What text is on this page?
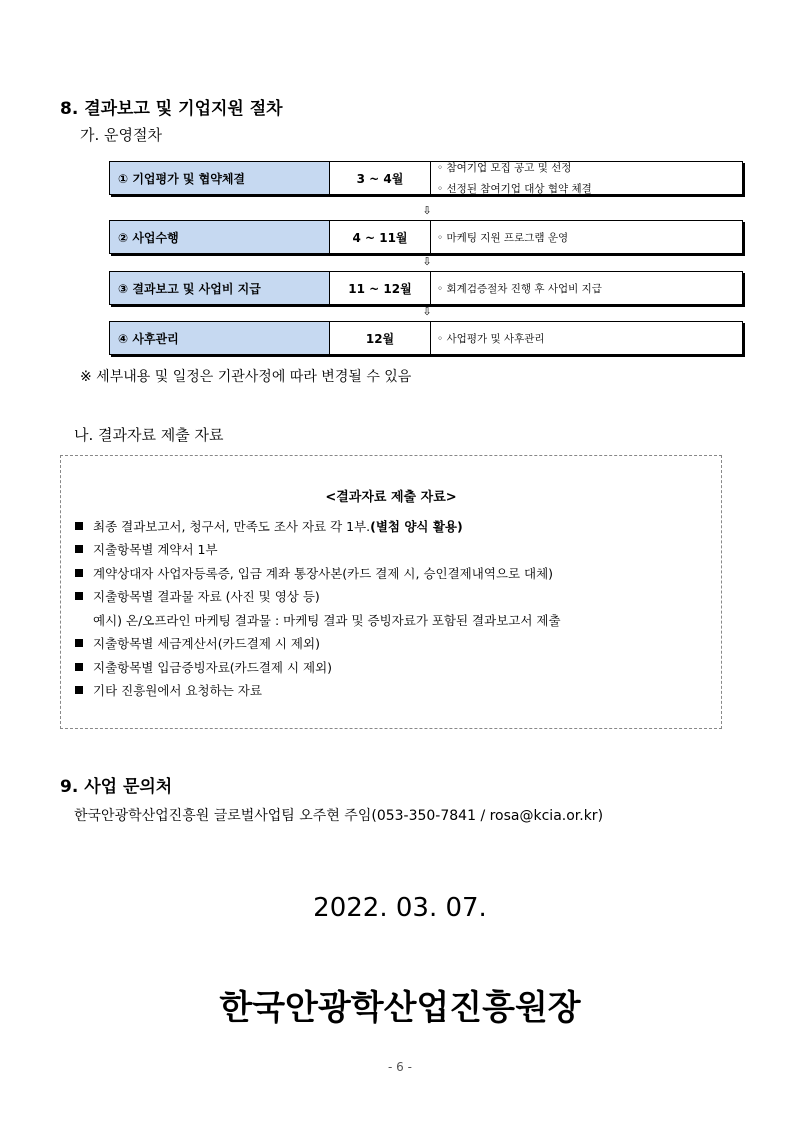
8. 결과보고 및 기업지원 절차
가. 운영절차
① 기업평가 및 협약체결	3 ~ 4월
◦ 참여기업 모집 공고 및 선정
◦ 선정된 참여기업 대상 협약 체결
⇩
② 사업수행	4 ~ 11월	◦ 마케팅 지원 프로그램 운영
⇩
③ 결과보고 및 사업비 지급	11 ~ 12월	◦ 회계검증절차 진행 후 사업비 지급
⇩
④ 사후관리	12월	◦ 사업평가 및 사후관리
※ 세부내용 및 일정은 기관사정에 따라 변경될 수 있음
나. 결과자료 제출 자료
<결과자료 제출 자료>
최종 결과보고서, 청구서, 만족도 조사 자료 각 1부. (별첨 양식 활용)
지출항목별 계약서 1부
계약상대자 사업자등록증, 입금 계좌 통장사본(카드 결제 시, 승인결제내역으로 대체)
지출항목별 결과물 자료 (사진 및 영상 등)
예시) 온/오프라인 마케팅 결과물 : 마케팅 결과 및 증빙자료가 포함된 결과보고서 제출
지출항목별 세금계산서(카드결제 시 제외)
지출항목별 입금증빙자료(카드결제 시 제외)
기타 진흥원에서 요청하는 자료
9. 사업 문의처
한국안광학산업진흥원 글로벌사업팀 오주현 주임(053-350-7841 / rosa@kcia.or.kr)
2022. 03. 07.
한국안광학산업진흥원장
- 6 -
